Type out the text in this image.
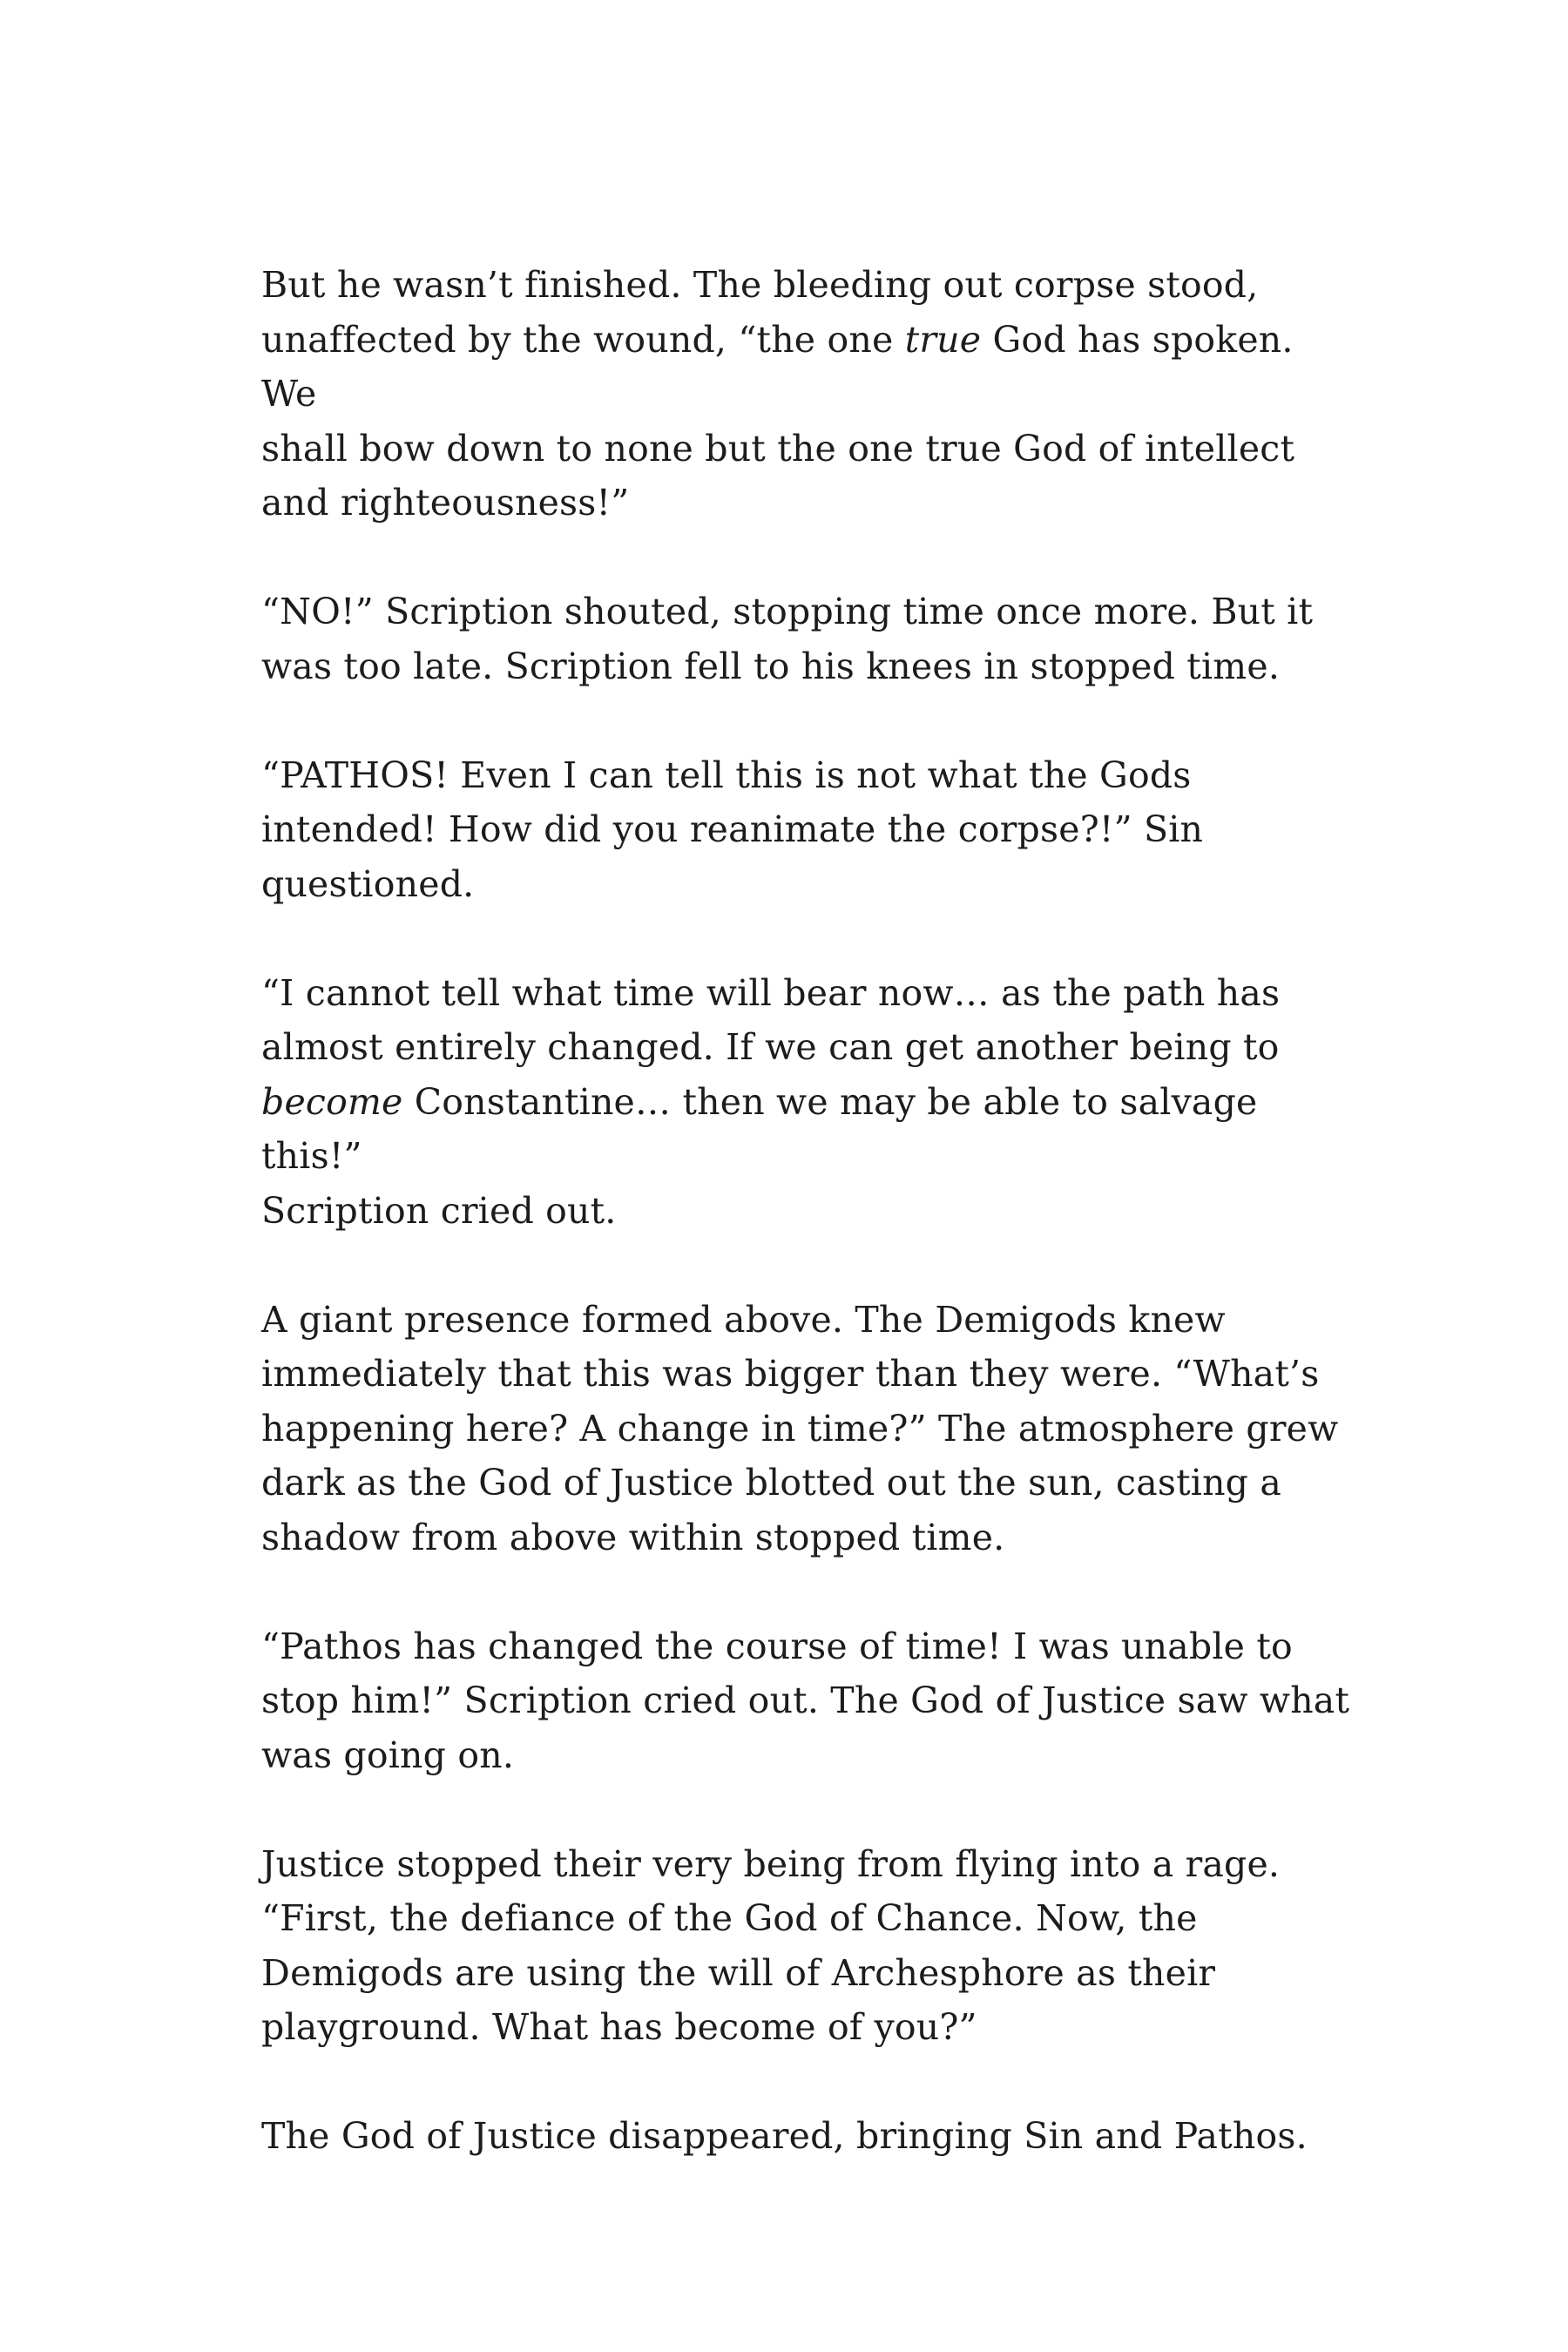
But he wasn’t finished. The bleeding out corpse stood,
unaffected by the wound, “the one true God has spoken. We
shall bow down to none but the one true God of intellect
and righteousness!”

“NO!” Scription shouted, stopping time once more. But it
was too late. Scription fell to his knees in stopped time.

“PATHOS! Even I can tell this is not what the Gods
intended! How did you reanimate the corpse?!” Sin
questioned.

“I cannot tell what time will bear now… as the path has
almost entirely changed. If we can get another being to
become Constantine… then we may be able to salvage this!”
Scription cried out.

A giant presence formed above. The Demigods knew
immediately that this was bigger than they were. “What’s
happening here? A change in time?” The atmosphere grew
dark as the God of Justice blotted out the sun, casting a
shadow from above within stopped time.

“Pathos has changed the course of time! I was unable to
stop him!” Scription cried out. The God of Justice saw what
was going on.

Justice stopped their very being from flying into a rage.
“First, the defiance of the God of Chance. Now, the
Demigods are using the will of Archesphore as their
playground. What has become of you?”

The God of Justice disappeared, bringing Sin and Pathos.
